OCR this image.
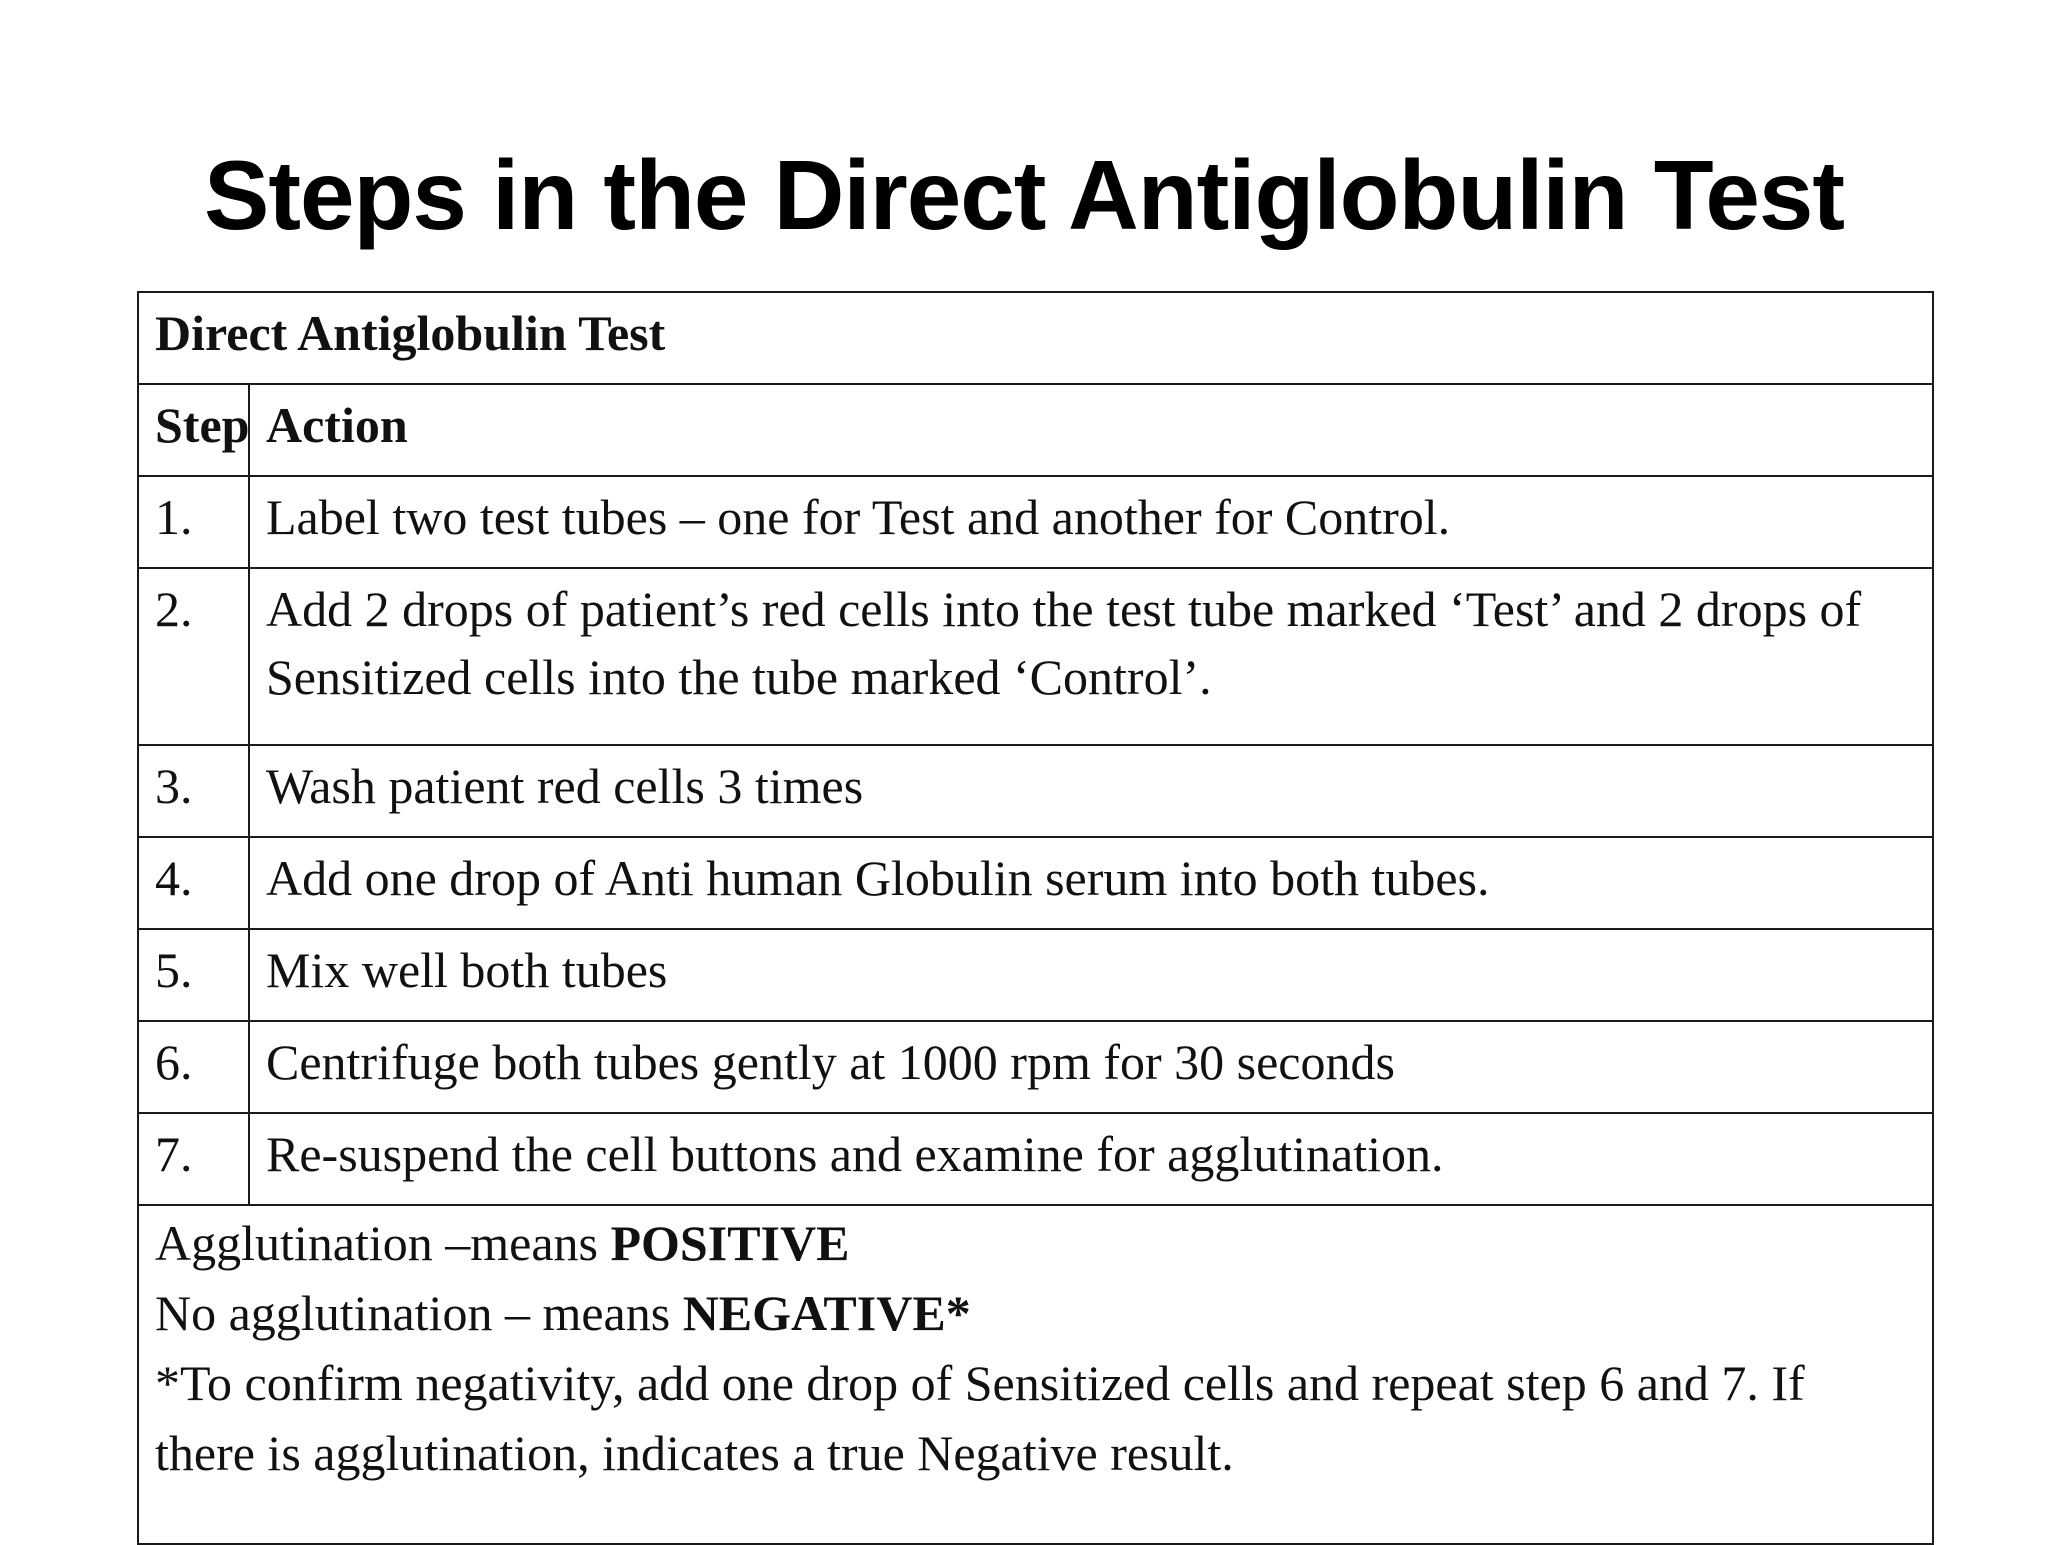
Steps in the Direct Antiglobulin Test
Direct Antiglobulin Test	
Step	Action
1.	Label two test tubes – one for Test and another for Control.
2.	Add 2 drops of patient’s red cells into the test tube marked ‘Test’ and 2 drops of Sensitized cells into the tube marked ‘Control’.
3.	Wash patient red cells 3 times
4.	Add one drop of Anti human Globulin serum into both tubes.
5.	Mix well both tubes
6.	Centrifuge both tubes gently at 1000 rpm for 30 seconds
7.	Re-suspend the cell buttons and examine for agglutination.

Agglutination –means POSITIVE
No agglutination – means NEGATIVE*
*To confirm negativity, add one drop of Sensitized cells and repeat step 6 and 7. If there is agglutination, indicates a true Negative result.	
